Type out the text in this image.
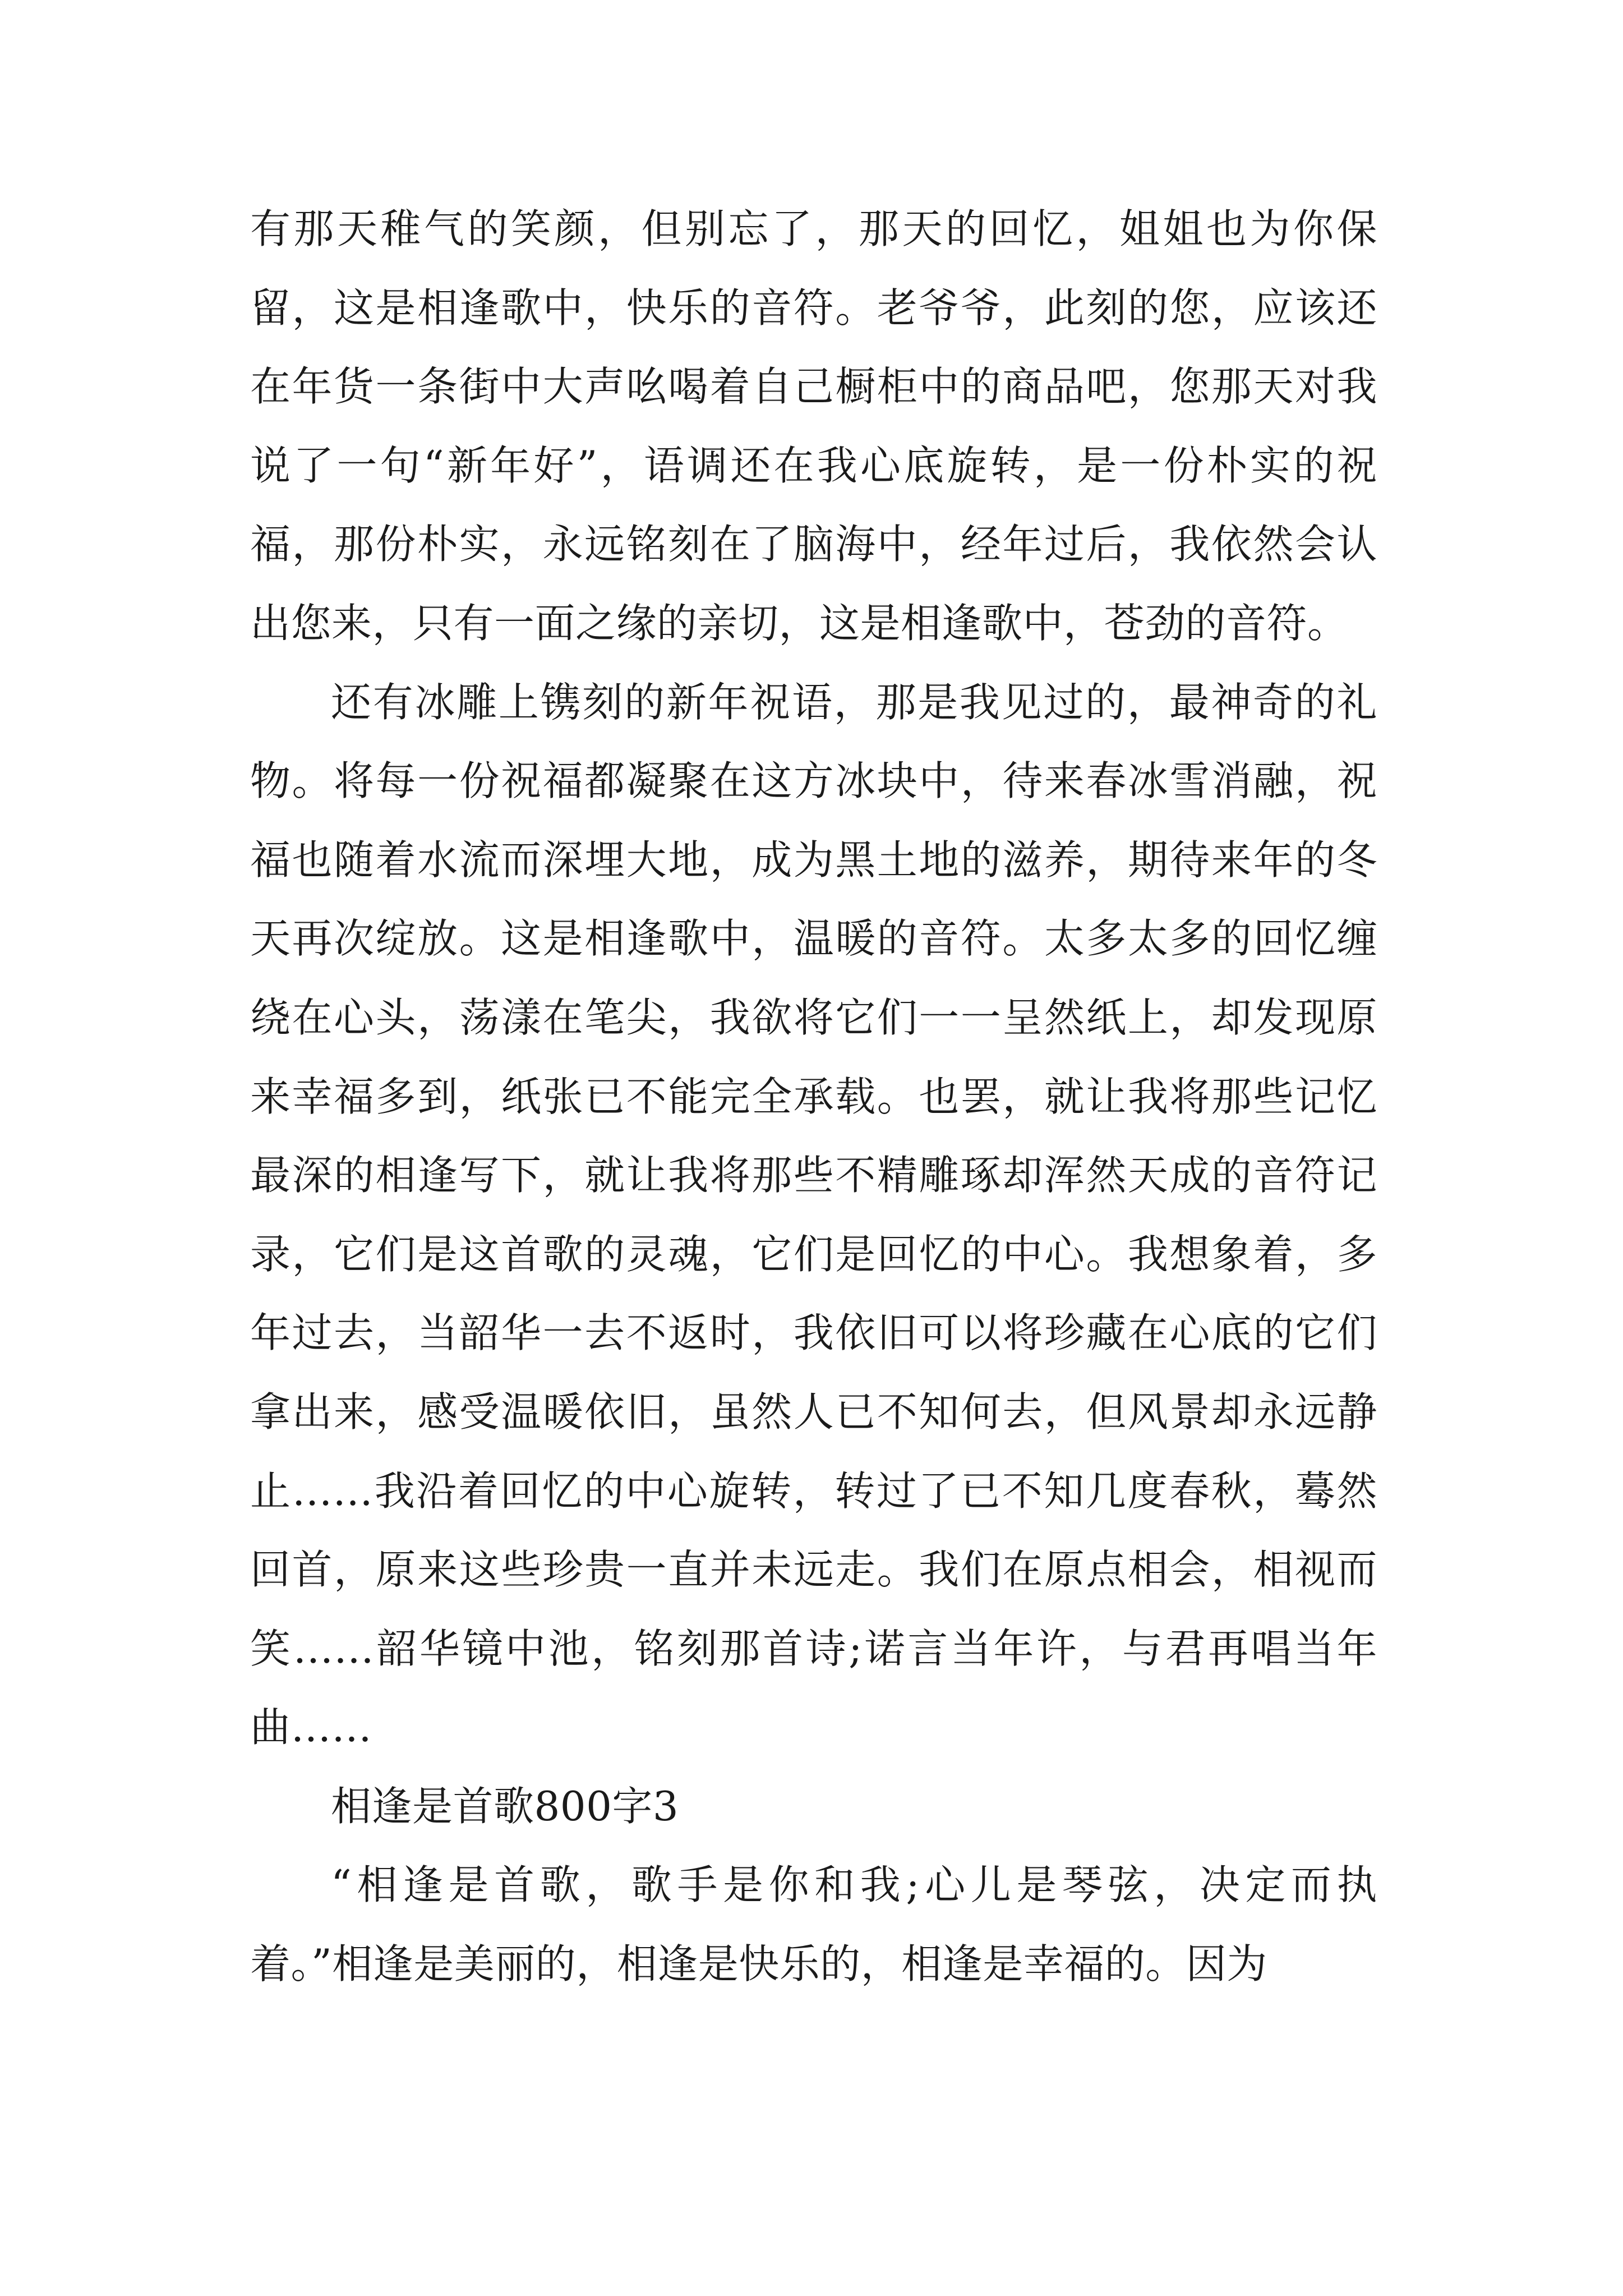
有那天稚气的笑颜，但别忘了，那天的回忆，姐姐也为你保留，这是相逢歌中，快乐的音符。老爷爷，此刻的您，应该还在年货一条街中大声吆喝着自己橱柜中的商品吧，您那天对我说了一句“新年好”，语调还在我心底旋转，是一份朴实的祝福，那份朴实，永远铭刻在了脑海中，经年过后，我依然会认出您来，只有一面之缘的亲切，这是相逢歌中，苍劲的音符。

还有冰雕上镌刻的新年祝语，那是我见过的，最神奇的礼物。将每一份祝福都凝聚在这方冰块中，待来春冰雪消融，祝福也随着水流而深埋大地，成为黑土地的滋养，期待来年的冬天再次绽放。这是相逢歌中，温暖的音符。太多太多的回忆缠绕在心头，荡漾在笔尖，我欲将它们一一呈然纸上，却发现原来幸福多到，纸张已不能完全承载。也罢，就让我将那些记忆最深的相逢写下，就让我将那些不精雕琢却浑然天成的音符记录，它们是这首歌的灵魂，它们是回忆的中心。我想象着，多年过去，当韶华一去不返时，我依旧可以将珍藏在心底的它们拿出来，感受温暖依旧，虽然人已不知何去，但风景却永远静止……我沿着回忆的中心旋转，转过了已不知几度春秋，蓦然回首，原来这些珍贵一直并未远走。我们在原点相会，相视而笑……韶华镜中池，铭刻那首诗;诺言当年许，与君再唱当年曲……

相逢是首歌800字3

“相逢是首歌，歌手是你和我;心儿是琴弦，决定而执着。”相逢是美丽的，相逢是快乐的，相逢是幸福的。因为
